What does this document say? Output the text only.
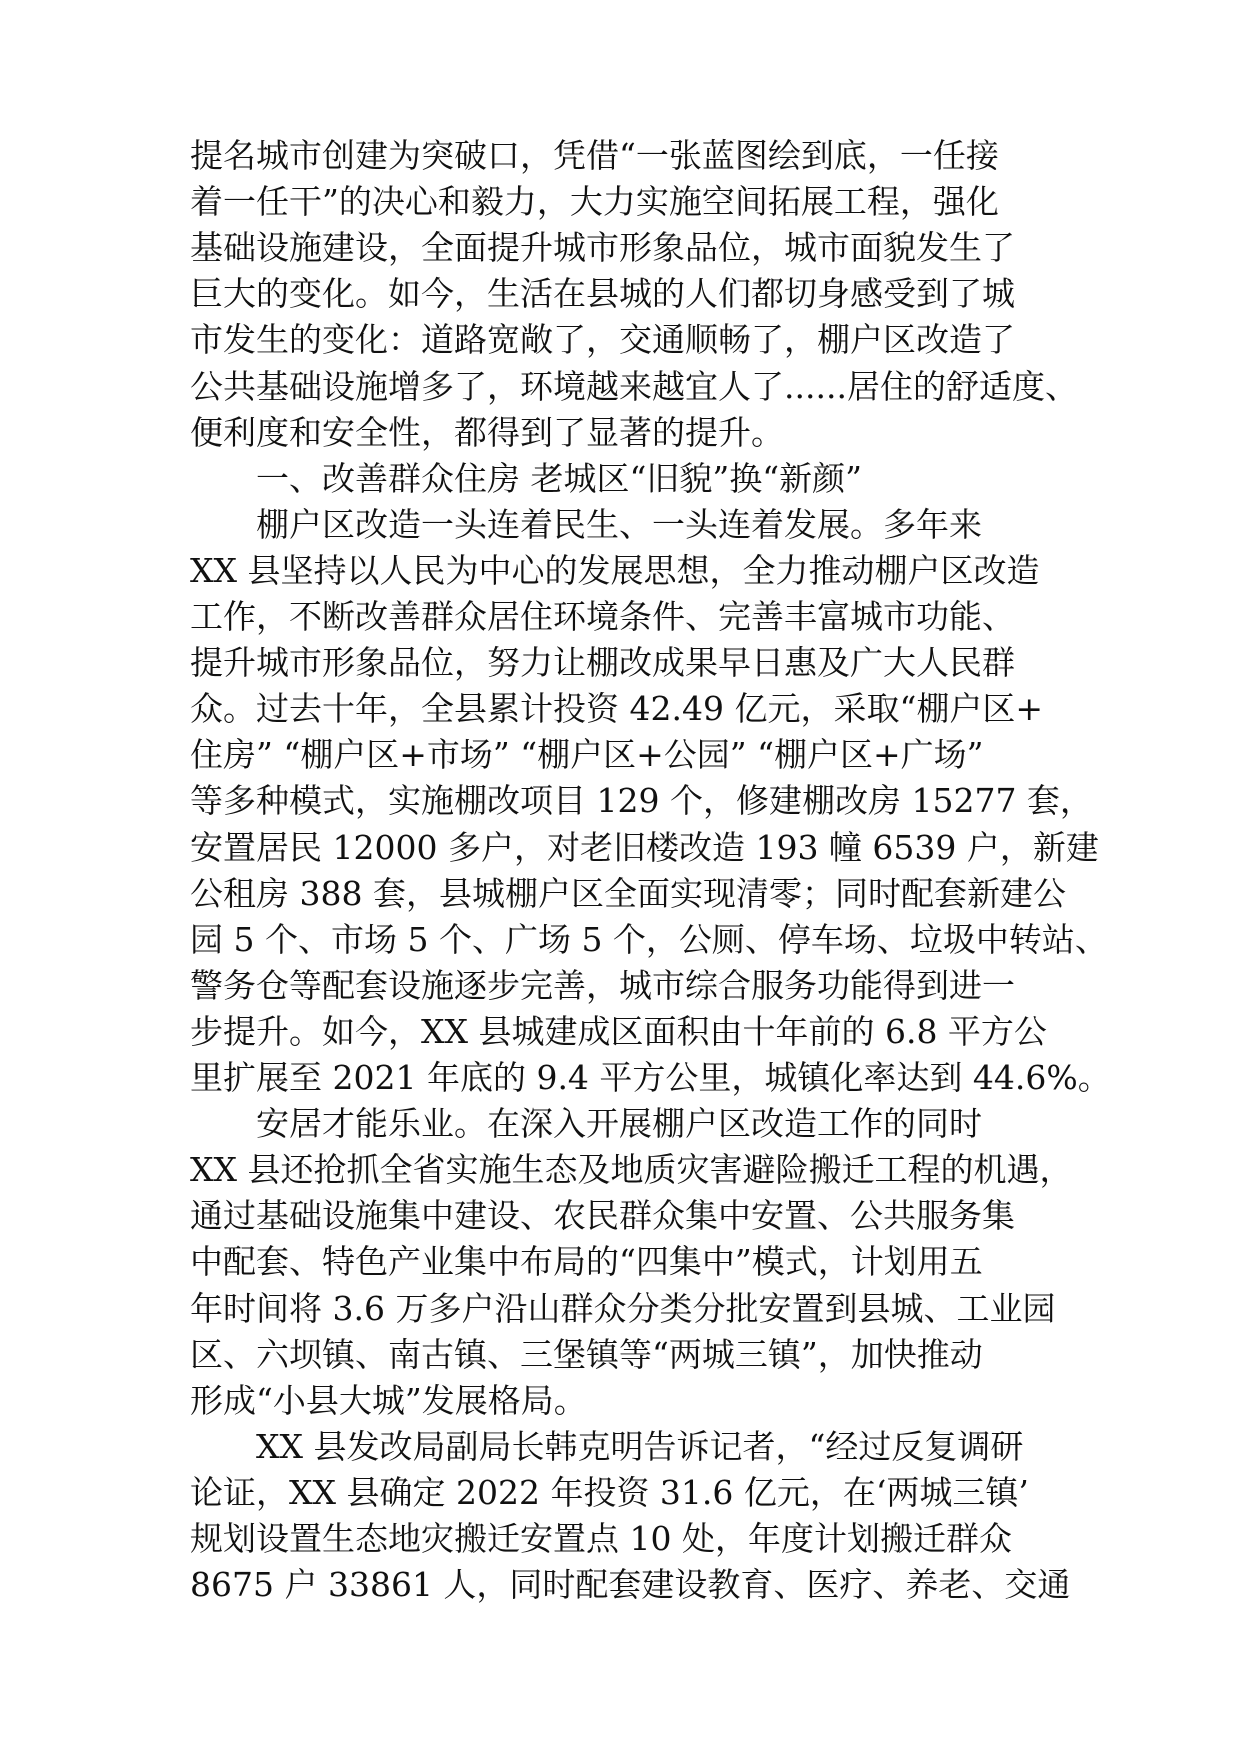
提名城市创建为突破口，凭借“一张蓝图绘到底，一任接
着一任干”的决心和毅力，大力实施空间拓展工程，强化
基础设施建设，全面提升城市形象品位，城市面貌发生了
巨大的变化。如今，生活在县城的人们都切身感受到了城
市发生的变化：道路宽敞了，交通顺畅了，棚户区改造了
公共基础设施增多了，环境越来越宜人了......居住的舒适度、
便利度和安全性，都得到了显著的提升。
　　一、改善群众住房 老城区“旧貌”换“新颜”
　　棚户区改造一头连着民生、一头连着发展。多年来
XX 县坚持以人民为中心的发展思想，全力推动棚户区改造
工作，不断改善群众居住环境条件、完善丰富城市功能、
提升城市形象品位，努力让棚改成果早日惠及广大人民群
众。过去十年，全县累计投资 42.49 亿元，采取“棚户区+
住房” “棚户区+市场” “棚户区+公园” “棚户区+广场”
等多种模式，实施棚改项目 129 个，修建棚改房 15277 套，
安置居民 12000 多户，对老旧楼改造 193 幢 6539 户，新建
公租房 388 套，县城棚户区全面实现清零；同时配套新建公
园 5 个、市场 5 个、广场 5 个，公厕、停车场、垃圾中转站、
警务仓等配套设施逐步完善，城市综合服务功能得到进一
步提升。如今，XX 县城建成区面积由十年前的 6.8 平方公
里扩展至 2021 年底的 9.4 平方公里，城镇化率达到 44.6%。
　　安居才能乐业。在深入开展棚户区改造工作的同时
XX 县还抢抓全省实施生态及地质灾害避险搬迁工程的机遇，
通过基础设施集中建设、农民群众集中安置、公共服务集
中配套、特色产业集中布局的“四集中”模式，计划用五
年时间将 3.6 万多户沿山群众分类分批安置到县城、工业园
区、六坝镇、南古镇、三堡镇等“两城三镇”，加快推动
形成“小县大城”发展格局。
　　XX 县发改局副局长韩克明告诉记者，“经过反复调研
论证，XX 县确定 2022 年投资 31.6 亿元，在‘两城三镇’
规划设置生态地灾搬迁安置点 10 处，年度计划搬迁群众
8675 户 33861 人，同时配套建设教育、医疗、养老、交通
